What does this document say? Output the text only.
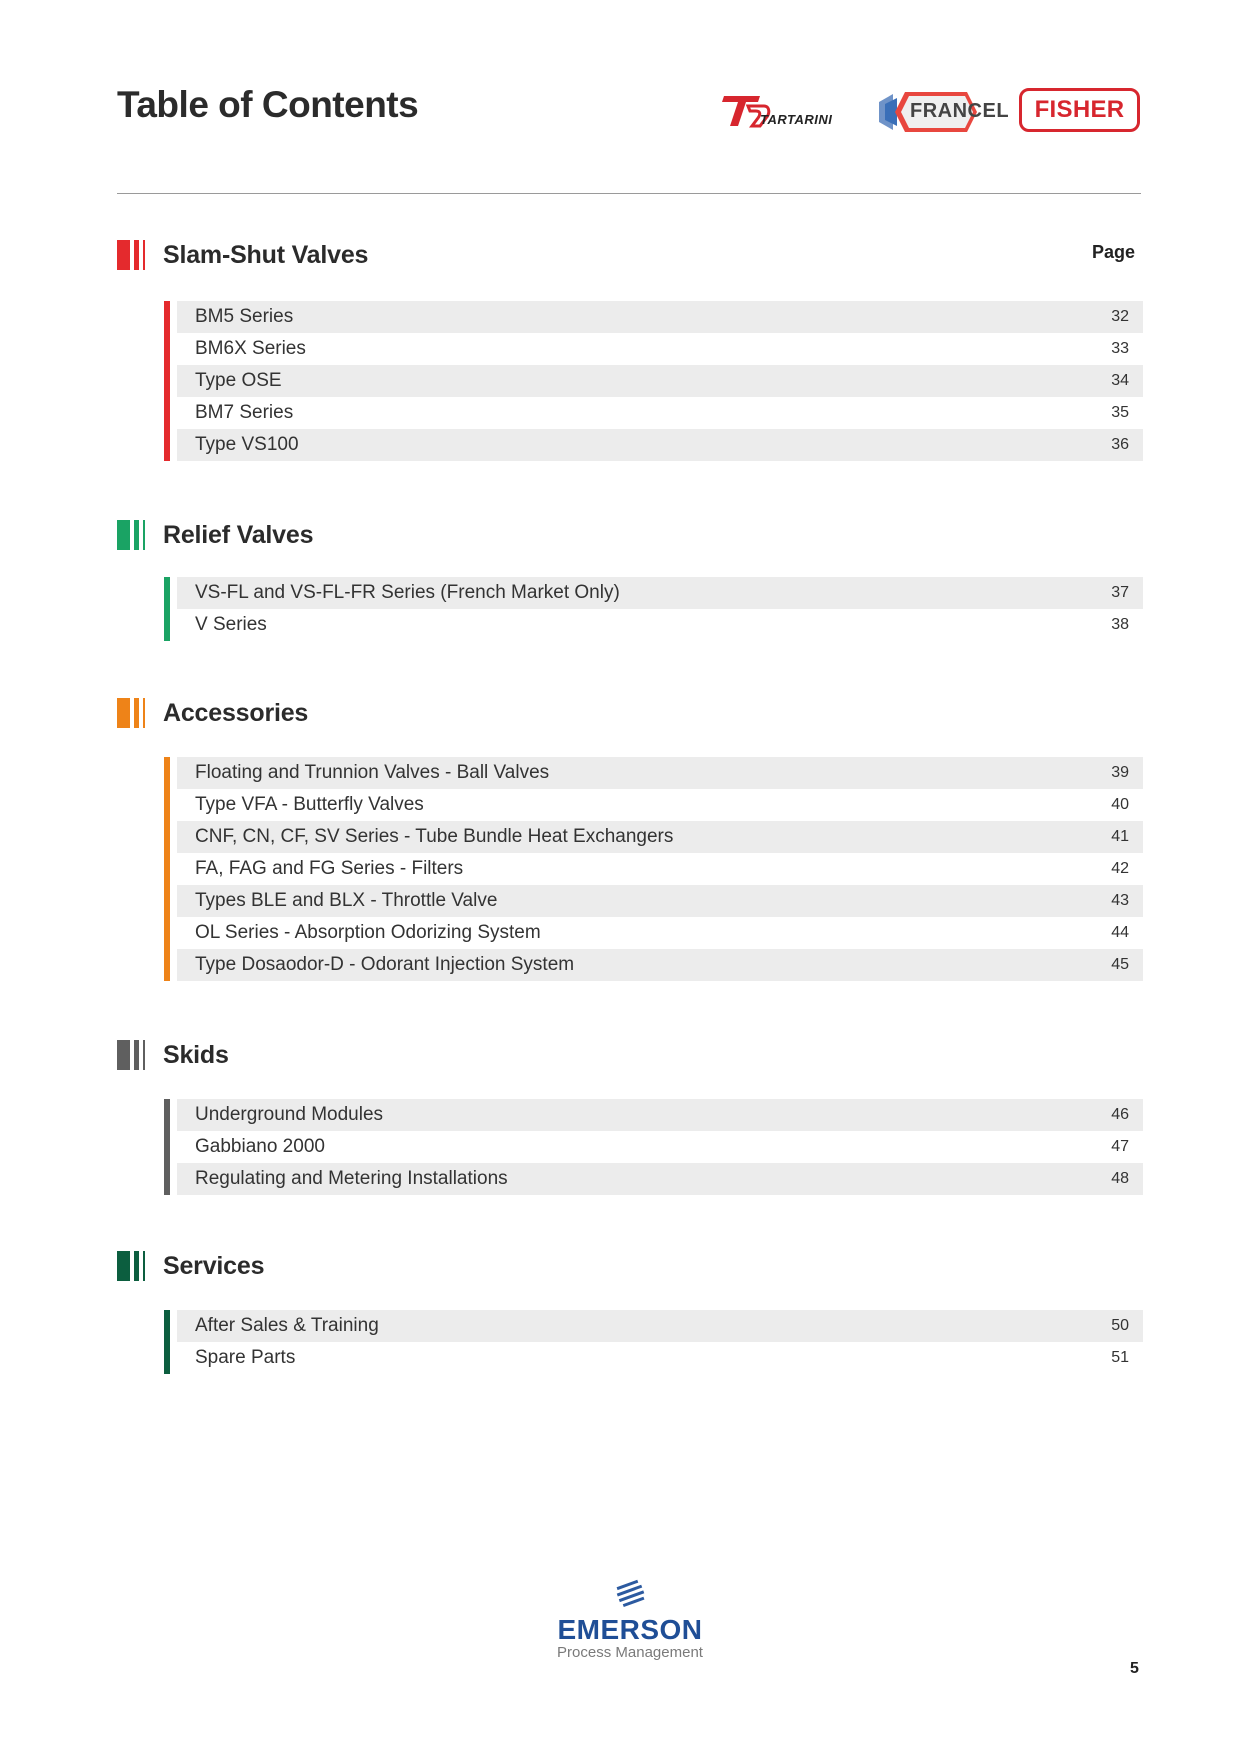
Table of Contents	TARTARINI	FRANCEL FISHER
Page
Slam-Shut Valves
BM5 Series	32
BM6X Series	33
Type OSE	34
BM7 Series	35
Type VS100	36
Relief Valves
VS-FL and VS-FL-FR Series (French Market Only)	37
V Series	38
Accessories
Floating and Trunnion Valves - Ball Valves	39
Type VFA - Butterfly Valves	40
CNF, CN, CF, SV Series - Tube Bundle Heat Exchangers	41
FA, FAG and FG Series - Filters	42
Types BLE and BLX - Throttle Valve	43
OL Series - Absorption Odorizing System	44
Type Dosaodor-D - Odorant Injection System	45
Skids
Underground Modules	46
Gabbiano 2000	47
Regulating and Metering Installations	48
Services
After Sales & Training	50
Spare Parts	51
EMERSON
Process Management
5
